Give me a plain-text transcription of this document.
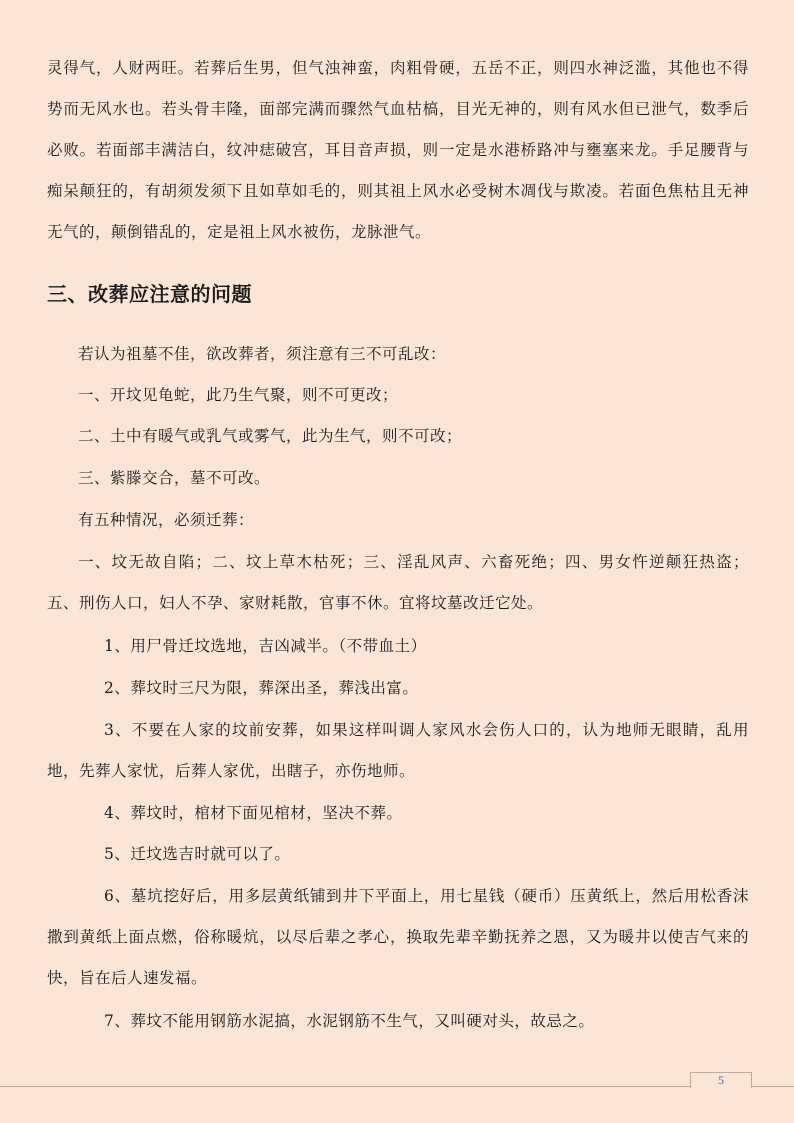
灵得气，人财两旺。若葬后生男，但气浊神蛮，肉粗骨硬，五岳不正，则四水神泛滥，其他也不得势而无风水也。若头骨丰隆，面部完满而骤然气血枯槁，目光无神的，则有风水但已泄气，数季后必败。若面部丰满洁白，纹冲痣破宫，耳目音声损，则一定是水港桥路冲与壅塞来龙。手足腰背与痴呆颠狂的，有胡须发须下且如草如毛的，则其祖上风水必受树木凋伐与欺凌。若面色焦枯且无神无气的，颠倒错乱的，定是祖上风水被伤，龙脉泄气。

三、改葬应注意的问题

若认为祖墓不佳，欲改葬者，须注意有三不可乱改：

一、开坟见龟蛇，此乃生气聚，则不可更改；

二、土中有暖气或乳气或雾气，此为生气，则不可改；

三、紫滕交合，墓不可改。

有五种情况，必须迁葬：

一、坟无故自陷；二、坟上草木枯死；三、淫乱风声、六畜死绝；四、男女忤逆颠狂热盗；五、刑伤人口，妇人不孕、家财耗散，官事不休。宜将坟墓改迁它处。

1、用尸骨迁坟选地，吉凶减半。（不带血土）

2、葬坟时三尺为限，葬深出圣，葬浅出富。

3、不要在人家的坟前安葬，如果这样叫调人家风水会伤人口的，认为地师无眼睛，乱用地，先葬人家忧，后葬人家优，出瞎子，亦伤地师。

4、葬坟时，棺材下面见棺材，坚决不葬。

5、迁坟选吉时就可以了。

6、墓坑挖好后，用多层黄纸铺到井下平面上，用七星钱（硬币）压黄纸上，然后用松香沫撒到黄纸上面点燃，俗称暖炕，以尽后辈之孝心，换取先辈辛勤抚养之恩，又为暖井以使吉气来的快，旨在后人速发福。

7、葬坟不能用钢筋水泥搞，水泥钢筋不生气，又叫硬对头，故忌之。

5
